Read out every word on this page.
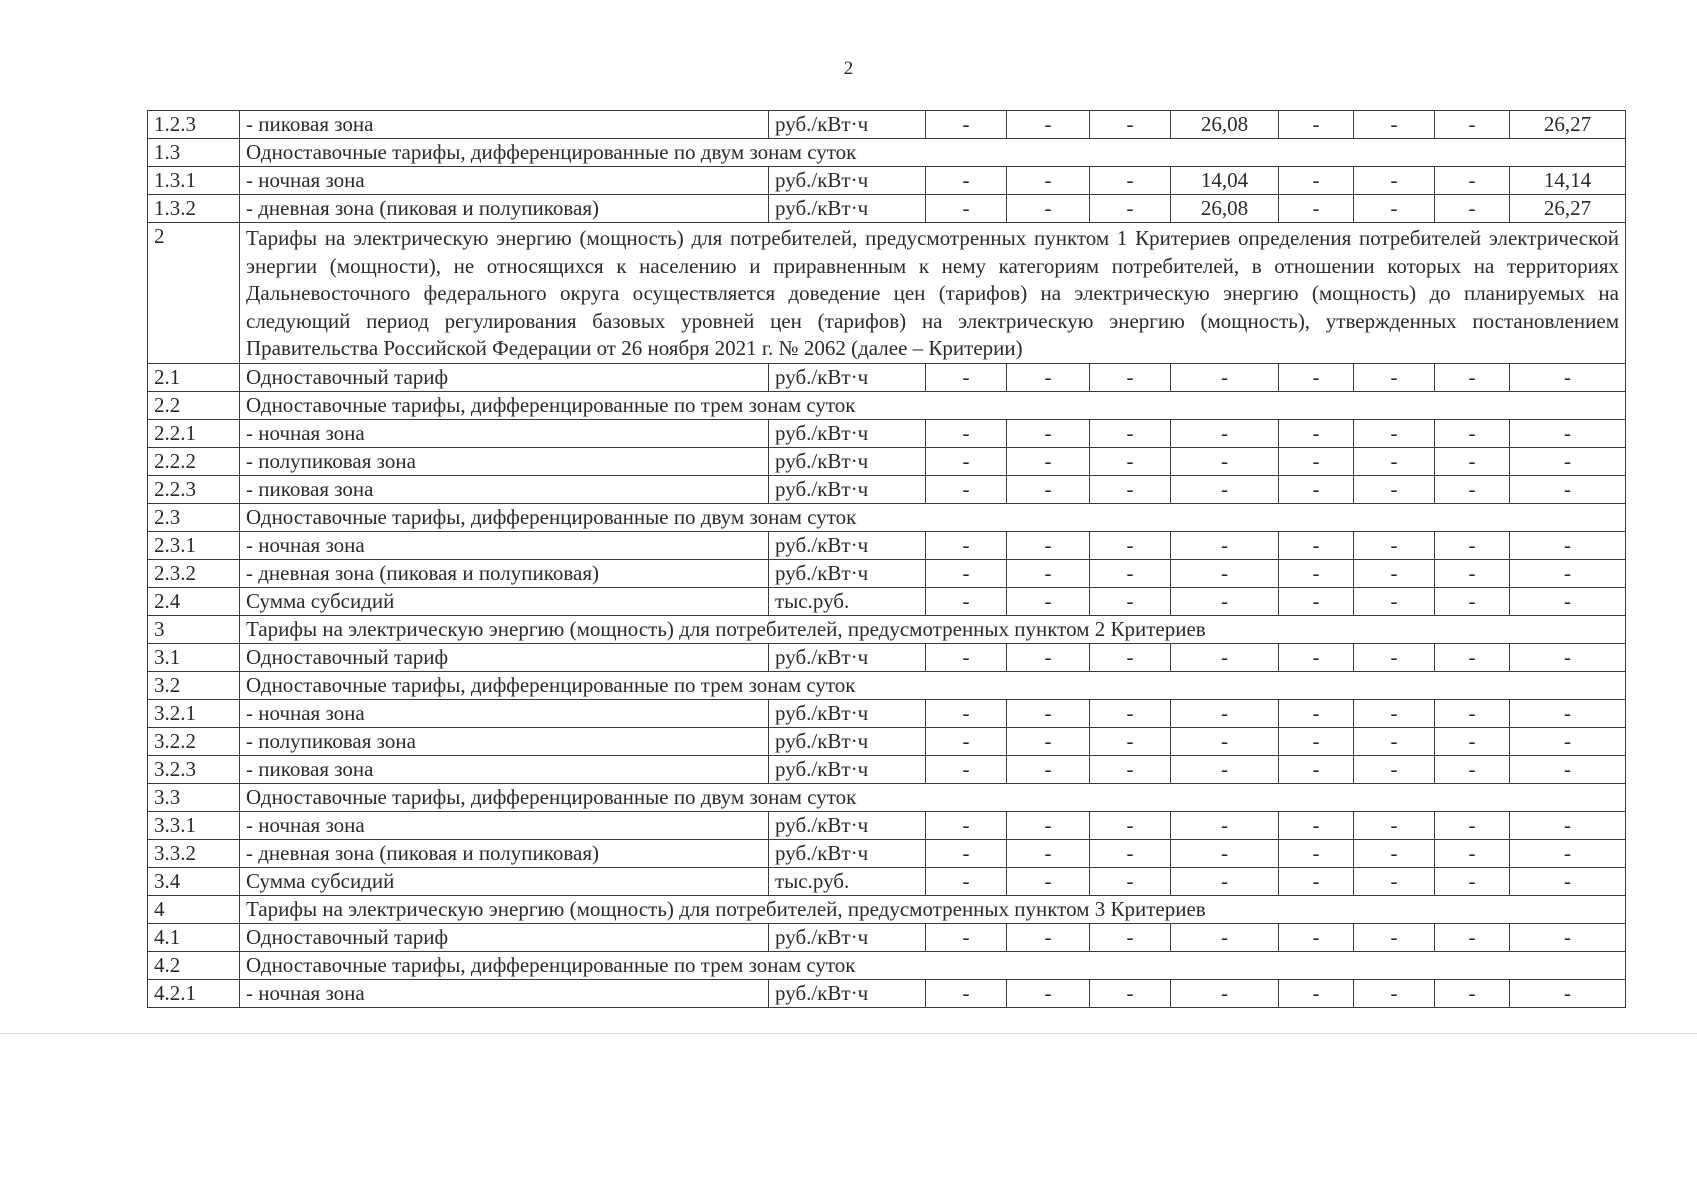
2
1.2.3	- пиковая зона	руб./кВт·ч	-	-	-	26,08	-	-	-	26,27
1.3	Одноставочные тарифы, дифференцированные по двум зонам суток									
1.3.1	- ночная зона	руб./кВт·ч	-	-	-	14,04	-	-	-	14,14
1.3.2	- дневная зона (пиковая и полупиковая)	руб./кВт·ч	-	-	-	26,08	-	-	-	26,27
2	Тарифы на электрическую энергию (мощность) для потребителей, предусмотренных пунктом 1 Критериев определения потребителей электрической энергии (мощности), не относящихся к населению и приравненным к нему категориям потребителей, в отношении которых на территориях Дальневосточного федерального округа осуществляется доведение цен (тарифов) на электрическую энергию (мощность) до планируемых на следующий период регулирования базовых уровней цен (тарифов) на электрическую энергию (мощность), утвержденных постановлением Правительства Российской Федерации от 26 ноября 2021 г. № 2062 (далее – Критерии)									
2.1	Одноставочный тариф	руб./кВт·ч	-	-	-	-	-	-	-	-
2.2	Одноставочные тарифы, дифференцированные по трем зонам суток									
2.2.1	- ночная зона	руб./кВт·ч	-	-	-	-	-	-	-	-
2.2.2	- полупиковая зона	руб./кВт·ч	-	-	-	-	-	-	-	-
2.2.3	- пиковая зона	руб./кВт·ч	-	-	-	-	-	-	-	-
2.3	Одноставочные тарифы, дифференцированные по двум зонам суток									
2.3.1	- ночная зона	руб./кВт·ч	-	-	-	-	-	-	-	-
2.3.2	- дневная зона (пиковая и полупиковая)	руб./кВт·ч	-	-	-	-	-	-	-	-
2.4	Сумма субсидий	тыс.руб.	-	-	-	-	-	-	-	-
3	Тарифы на электрическую энергию (мощность) для потребителей, предусмотренных пунктом 2 Критериев									
3.1	Одноставочный тариф	руб./кВт·ч	-	-	-	-	-	-	-	-
3.2	Одноставочные тарифы, дифференцированные по трем зонам суток									
3.2.1	- ночная зона	руб./кВт·ч	-	-	-	-	-	-	-	-
3.2.2	- полупиковая зона	руб./кВт·ч	-	-	-	-	-	-	-	-
3.2.3	- пиковая зона	руб./кВт·ч	-	-	-	-	-	-	-	-
3.3	Одноставочные тарифы, дифференцированные по двум зонам суток									
3.3.1	- ночная зона	руб./кВт·ч	-	-	-	-	-	-	-	-
3.3.2	- дневная зона (пиковая и полупиковая)	руб./кВт·ч	-	-	-	-	-	-	-	-
3.4	Сумма субсидий	тыс.руб.	-	-	-	-	-	-	-	-
4	Тарифы на электрическую энергию (мощность) для потребителей, предусмотренных пунктом 3 Критериев									
4.1	Одноставочный тариф	руб./кВт·ч	-	-	-	-	-	-	-	-
4.2	Одноставочные тарифы, дифференцированные по трем зонам суток									
4.2.1	- ночная зона	руб./кВт·ч	-	-	-	-	-	-	-	-
